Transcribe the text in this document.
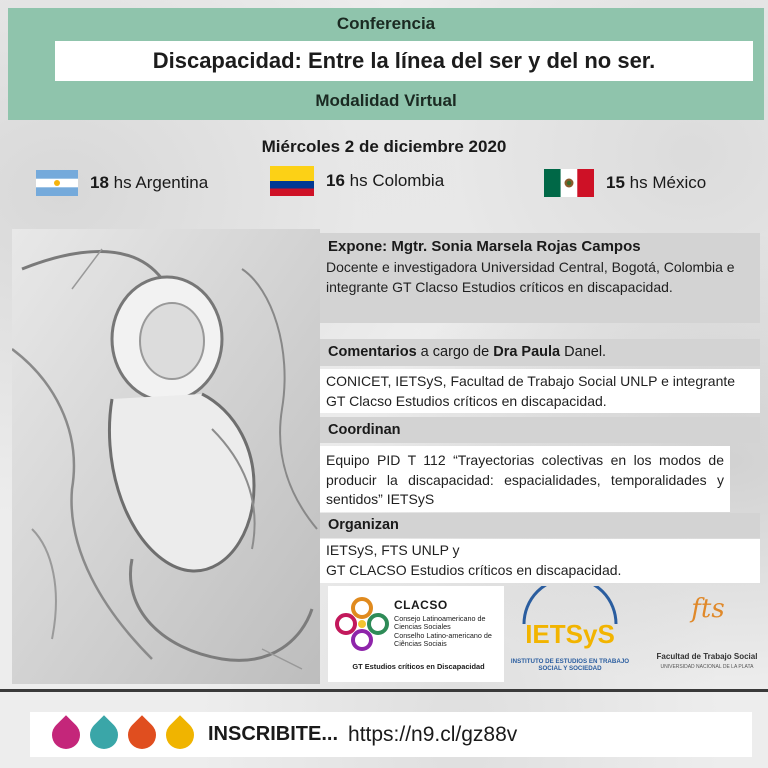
Conferencia
Discapacidad: Entre la línea del ser y del no ser.
Modalidad Virtual
Miércoles 2 de diciembre 2020
18 hs Argentina	16 hs Colombia	15 hs México
Expone: Mgtr. Sonia Marsela Rojas Campos
Docente e investigadora Universidad Central, Bogotá, Colombia e integrante GT Clacso Estudios críticos en discapacidad.
Comentarios a cargo de Dra Paula Danel.
CONICET, IETSyS, Facultad de Trabajo Social UNLP e integrante GT Clacso Estudios críticos en discapacidad.
Coordinan
Equipo PID T 112 “Trayectorias colectivas en los modos de producir la discapacidad: espacialidades, temporalidades y sentidos” IETSyS
Organizan
IETSyS, FTS UNLP y
GT CLACSO Estudios críticos en discapacidad.
CLACSO
Consejo Latinoamericano de Ciencias Sociales
Conselho Latino-americano de Ciências Sociais
GT Estudios críticos en Discapacidad
IETSyS
INSTITUTO DE ESTUDIOS EN TRABAJO SOCIAL Y SOCIEDAD
fts
Facultad de Trabajo Social
UNIVERSIDAD NACIONAL DE LA PLATA
INSCRIBITE... https://n9.cl/gz88v
